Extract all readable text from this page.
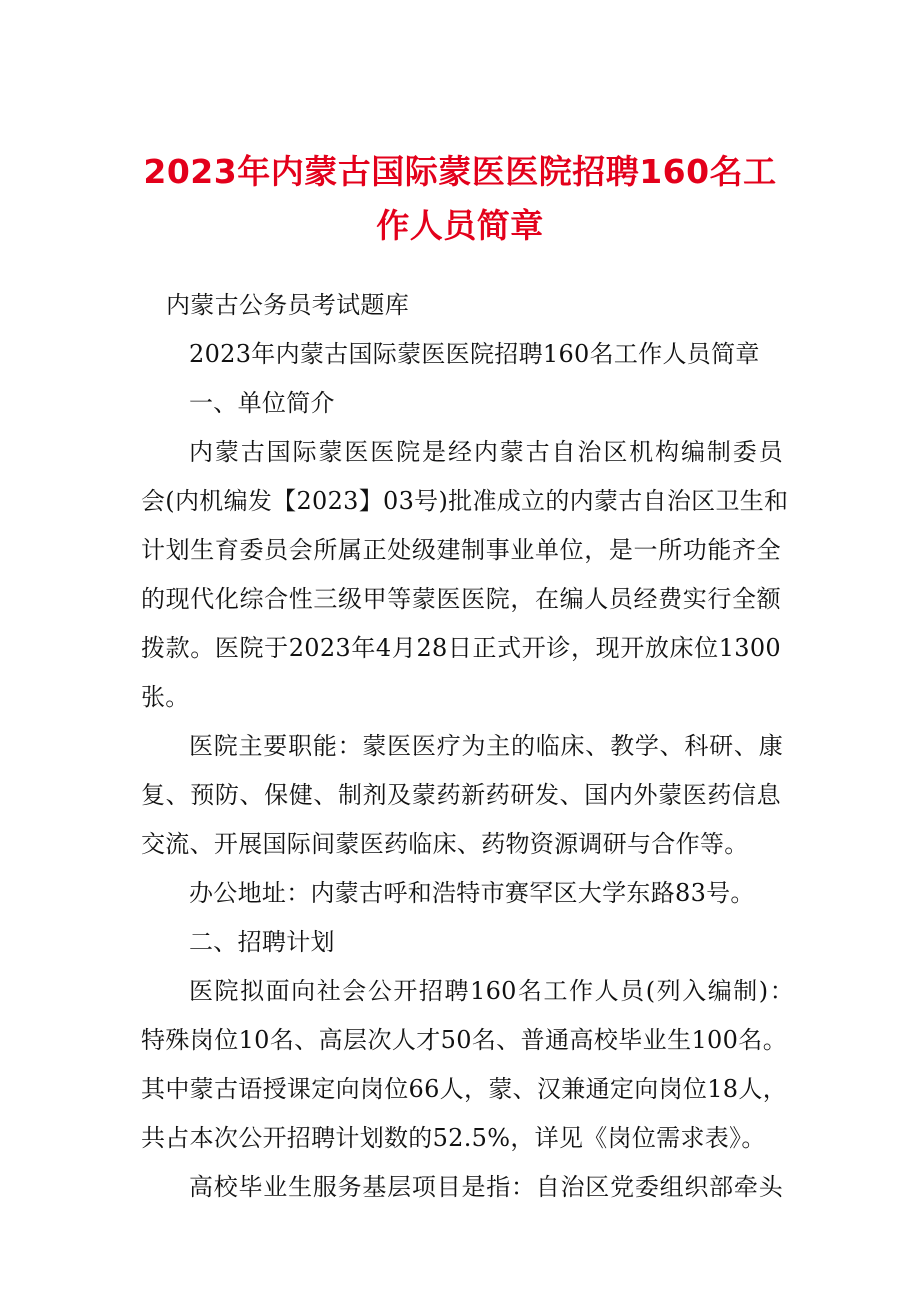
2023年内蒙古国际蒙医医院招聘160名工
作人员简章
内蒙古公务员考试题库
2023年内蒙古国际蒙医医院招聘160名工作人员简章
一、单位简介
内蒙古国际蒙医医院是经内蒙古自治区机构编制委员
会(内机编发【2023】03号)批准成立的内蒙古自治区卫生和
计划生育委员会所属正处级建制事业单位，是一所功能齐全
的现代化综合性三级甲等蒙医医院，在编人员经费实行全额
拨款。医院于2023年4月28日正式开诊，现开放床位1300
张。
医院主要职能：蒙医医疗为主的临床、教学、科研、康
复、预防、保健、制剂及蒙药新药研发、国内外蒙医药信息
交流、开展国际间蒙医药临床、药物资源调研与合作等。
办公地址：内蒙古呼和浩特市赛罕区大学东路83号。
二、招聘计划
医院拟面向社会公开招聘160名工作人员(列入编制)：
特殊岗位10名、高层次人才50名、普通高校毕业生100名。
其中蒙古语授课定向岗位66人，蒙、汉兼通定向岗位18人，
共占本次公开招聘计划数的52.5%，详见《岗位需求表》。
高校毕业生服务基层项目是指：自治区党委组织部牵头
